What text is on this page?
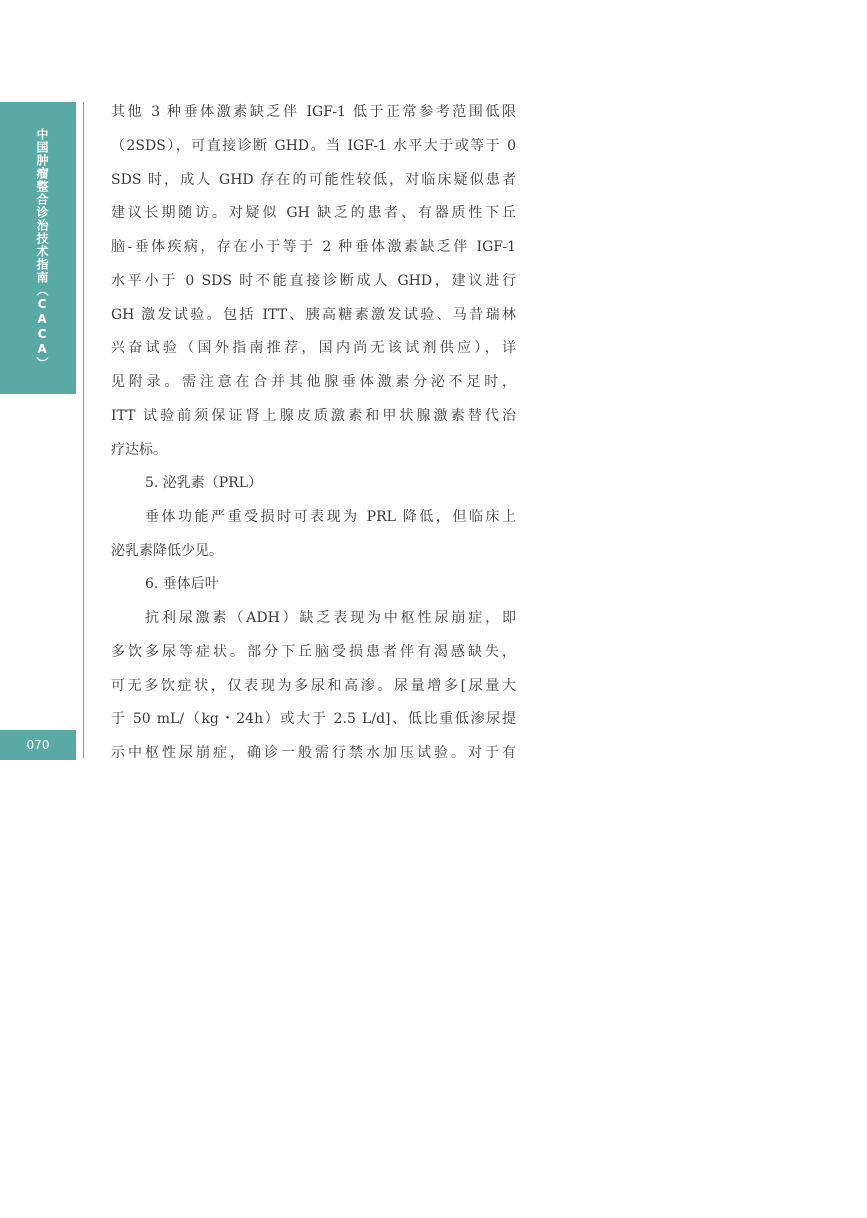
中国肿瘤整合诊治技术指南（CACA）
070
其他 3 种垂体激素缺乏伴 IGF-1 低于正常参考范围低限
（2SDS），可直接诊断 GHD。当 IGF-1 水平大于或等于 0
SDS 时，成人 GHD 存在的可能性较低，对临床疑似患者
建议长期随访。对疑似 GH 缺乏的患者、有器质性下丘
脑-垂体疾病，存在小于等于 2 种垂体激素缺乏伴 IGF-1
水平小于 0 SDS 时不能直接诊断成人 GHD，建议进行
GH 激发试验。包括 ITT、胰高糖素激发试验、马昔瑞林
兴奋试验（国外指南推荐，国内尚无该试剂供应），详
见附录。需注意在合并其他腺垂体激素分泌不足时，
ITT 试验前须保证肾上腺皮质激素和甲状腺激素替代治
疗达标。
5. 泌乳素（PRL）
垂体功能严重受损时可表现为 PRL 降低，但临床上
泌乳素降低少见。
6. 垂体后叶
抗利尿激素（ADH）缺乏表现为中枢性尿崩症，即
多饮多尿等症状。部分下丘脑受损患者伴有渴感缺失，
可无多饮症状，仅表现为多尿和高渗。尿量增多[尿量大
于 50 mL/（kg・24h）或大于 2.5 L/d]、低比重低渗尿提
示中枢性尿崩症，确诊一般需行禁水加压试验。对于有
